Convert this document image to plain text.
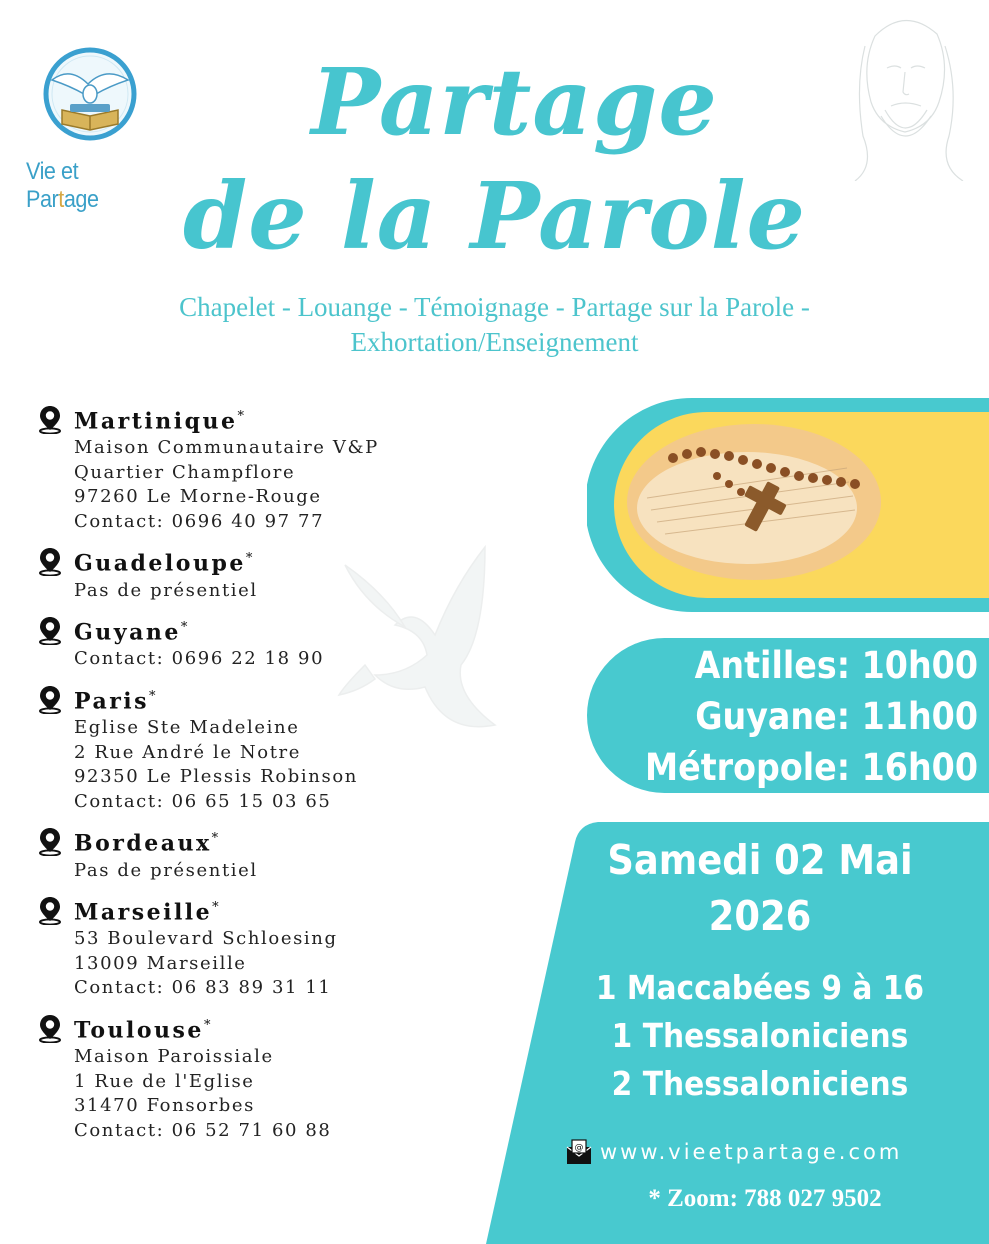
Vie et Partage
Partage
de la Parole
Chapelet - Louange - Témoignage - Partage sur la Parole -
Exhortation/Enseignement
Martinique*
Maison Communautaire V&P
Quartier Champflore
97260 Le Morne-Rouge
Contact: 0696 40 97 77
Guadeloupe*
Pas de présentiel
Guyane*
Contact: 0696 22 18 90
Paris*
Eglise Ste Madeleine
2 Rue André le Notre
92350 Le Plessis Robinson
Contact: 06 65 15 03 65
Bordeaux*
Pas de présentiel
Marseille*
53 Boulevard Schloesing
13009 Marseille
Contact: 06 83 89 31 11
Toulouse*
Maison Paroissiale
1 Rue de l'Eglise
31470 Fonsorbes
Contact: 06 52 71 60 88
Antilles: 10h00
Guyane: 11h00
Métropole: 16h00
Samedi 02 Mai
2026
1 Maccabées 9 à 16
1 Thessaloniciens
2 Thessaloniciens
@ www.vieetpartage.com
* Zoom: 788 027 9502
